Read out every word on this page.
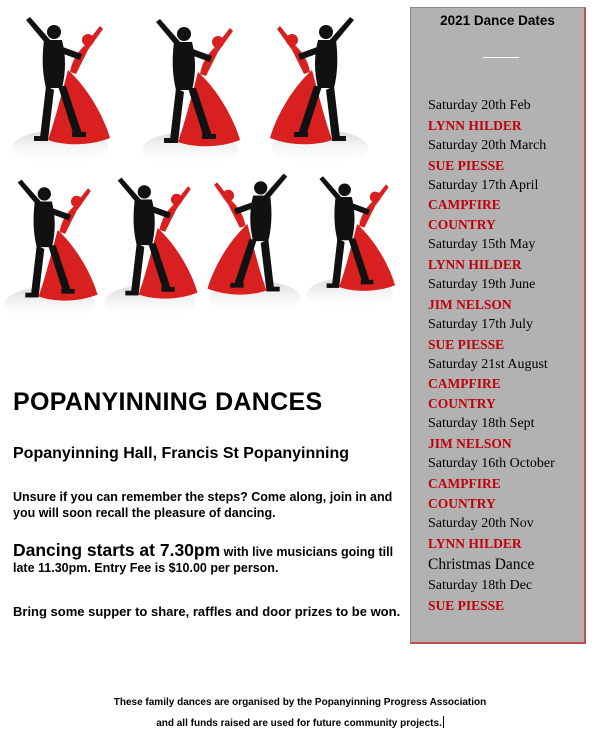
POPANYINNING DANCES

Popanyinning Hall, Francis St Popanyinning

Unsure if you can remember the steps? Come along, join in and you will soon recall the pleasure of dancing.

Dancing starts at 7.30pm with live musicians going till late 11.30pm. Entry Fee is $10.00 per person.

Bring some supper to share, raffles and door prizes to be won.

These family dances are organised by the Popanyinning Progress Association

and all funds raised are used for future community projects.

2021 Dance Dates
Saturday 20th Feb
LYNN HILDER
Saturday 20th March
SUE PIESSE
Saturday 17th April
CAMPFIRE
COUNTRY
Saturday 15th May
LYNN HILDER
Saturday 19th June
JIM NELSON
Saturday 17th July
SUE PIESSE
Saturday 21st August
CAMPFIRE
COUNTRY
Saturday 18th Sept
JIM NELSON
Saturday 16th October
CAMPFIRE
COUNTRY
Saturday 20th Nov
LYNN HILDER
Christmas Dance
Saturday 18th Dec
SUE PIESSE
